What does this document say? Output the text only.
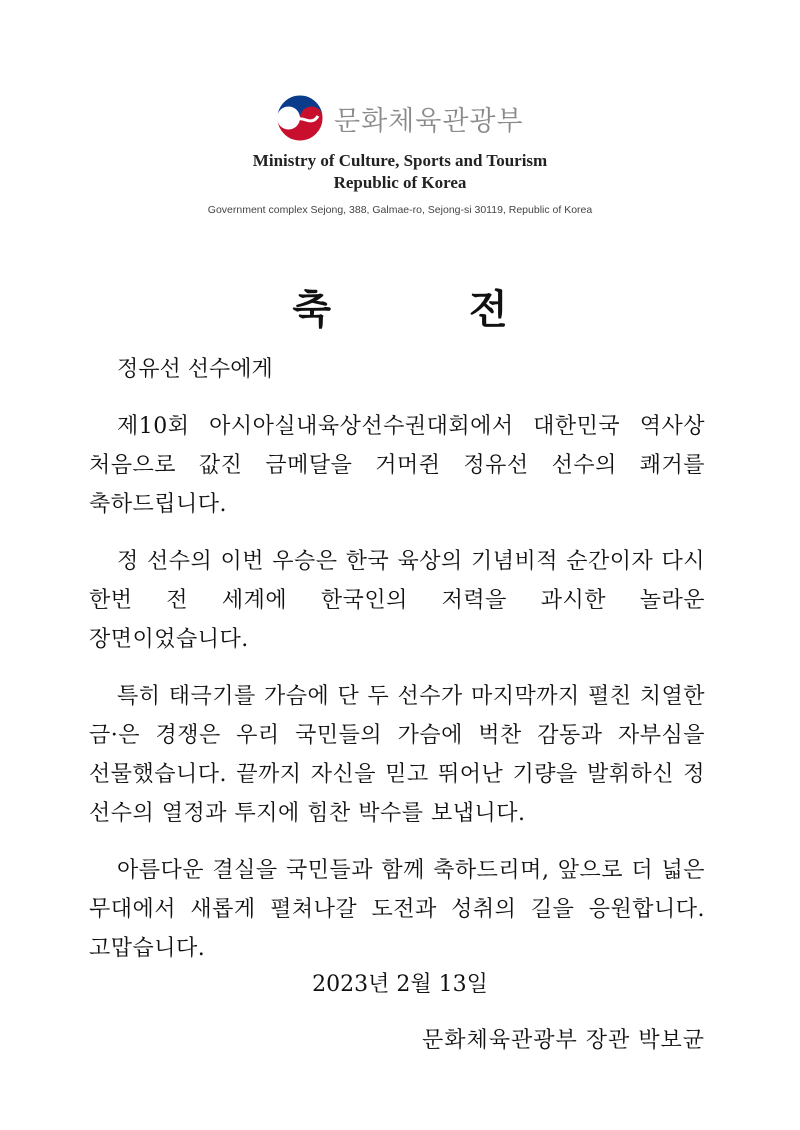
문화체육관광부
Ministry of Culture, Sports and Tourism
Republic of Korea
Government complex Sejong, 388, Galmae-ro, Sejong-si 30119, Republic of Korea
축 전

정유선 선수에게

제10회 아시아실내육상선수권대회에서 대한민국 역사상 처음으로 값진 금메달을 거머쥔 정유선 선수의 쾌거를 축하드립니다.

정 선수의 이번 우승은 한국 육상의 기념비적 순간이자 다시 한번 전 세계에 한국인의 저력을 과시한 놀라운 장면이었습니다.

특히 태극기를 가슴에 단 두 선수가 마지막까지 펼친 치열한 금·은 경쟁은 우리 국민들의 가슴에 벅찬 감동과 자부심을 선물했습니다. 끝까지 자신을 믿고 뛰어난 기량을 발휘하신 정 선수의 열정과 투지에 힘찬 박수를 보냅니다.

아름다운 결실을 국민들과 함께 축하드리며, 앞으로 더 넓은 무대에서 새롭게 펼쳐나갈 도전과 성취의 길을 응원합니다. 고맙습니다.

2023년 2월 13일
문화체육관광부 장관 박보균
